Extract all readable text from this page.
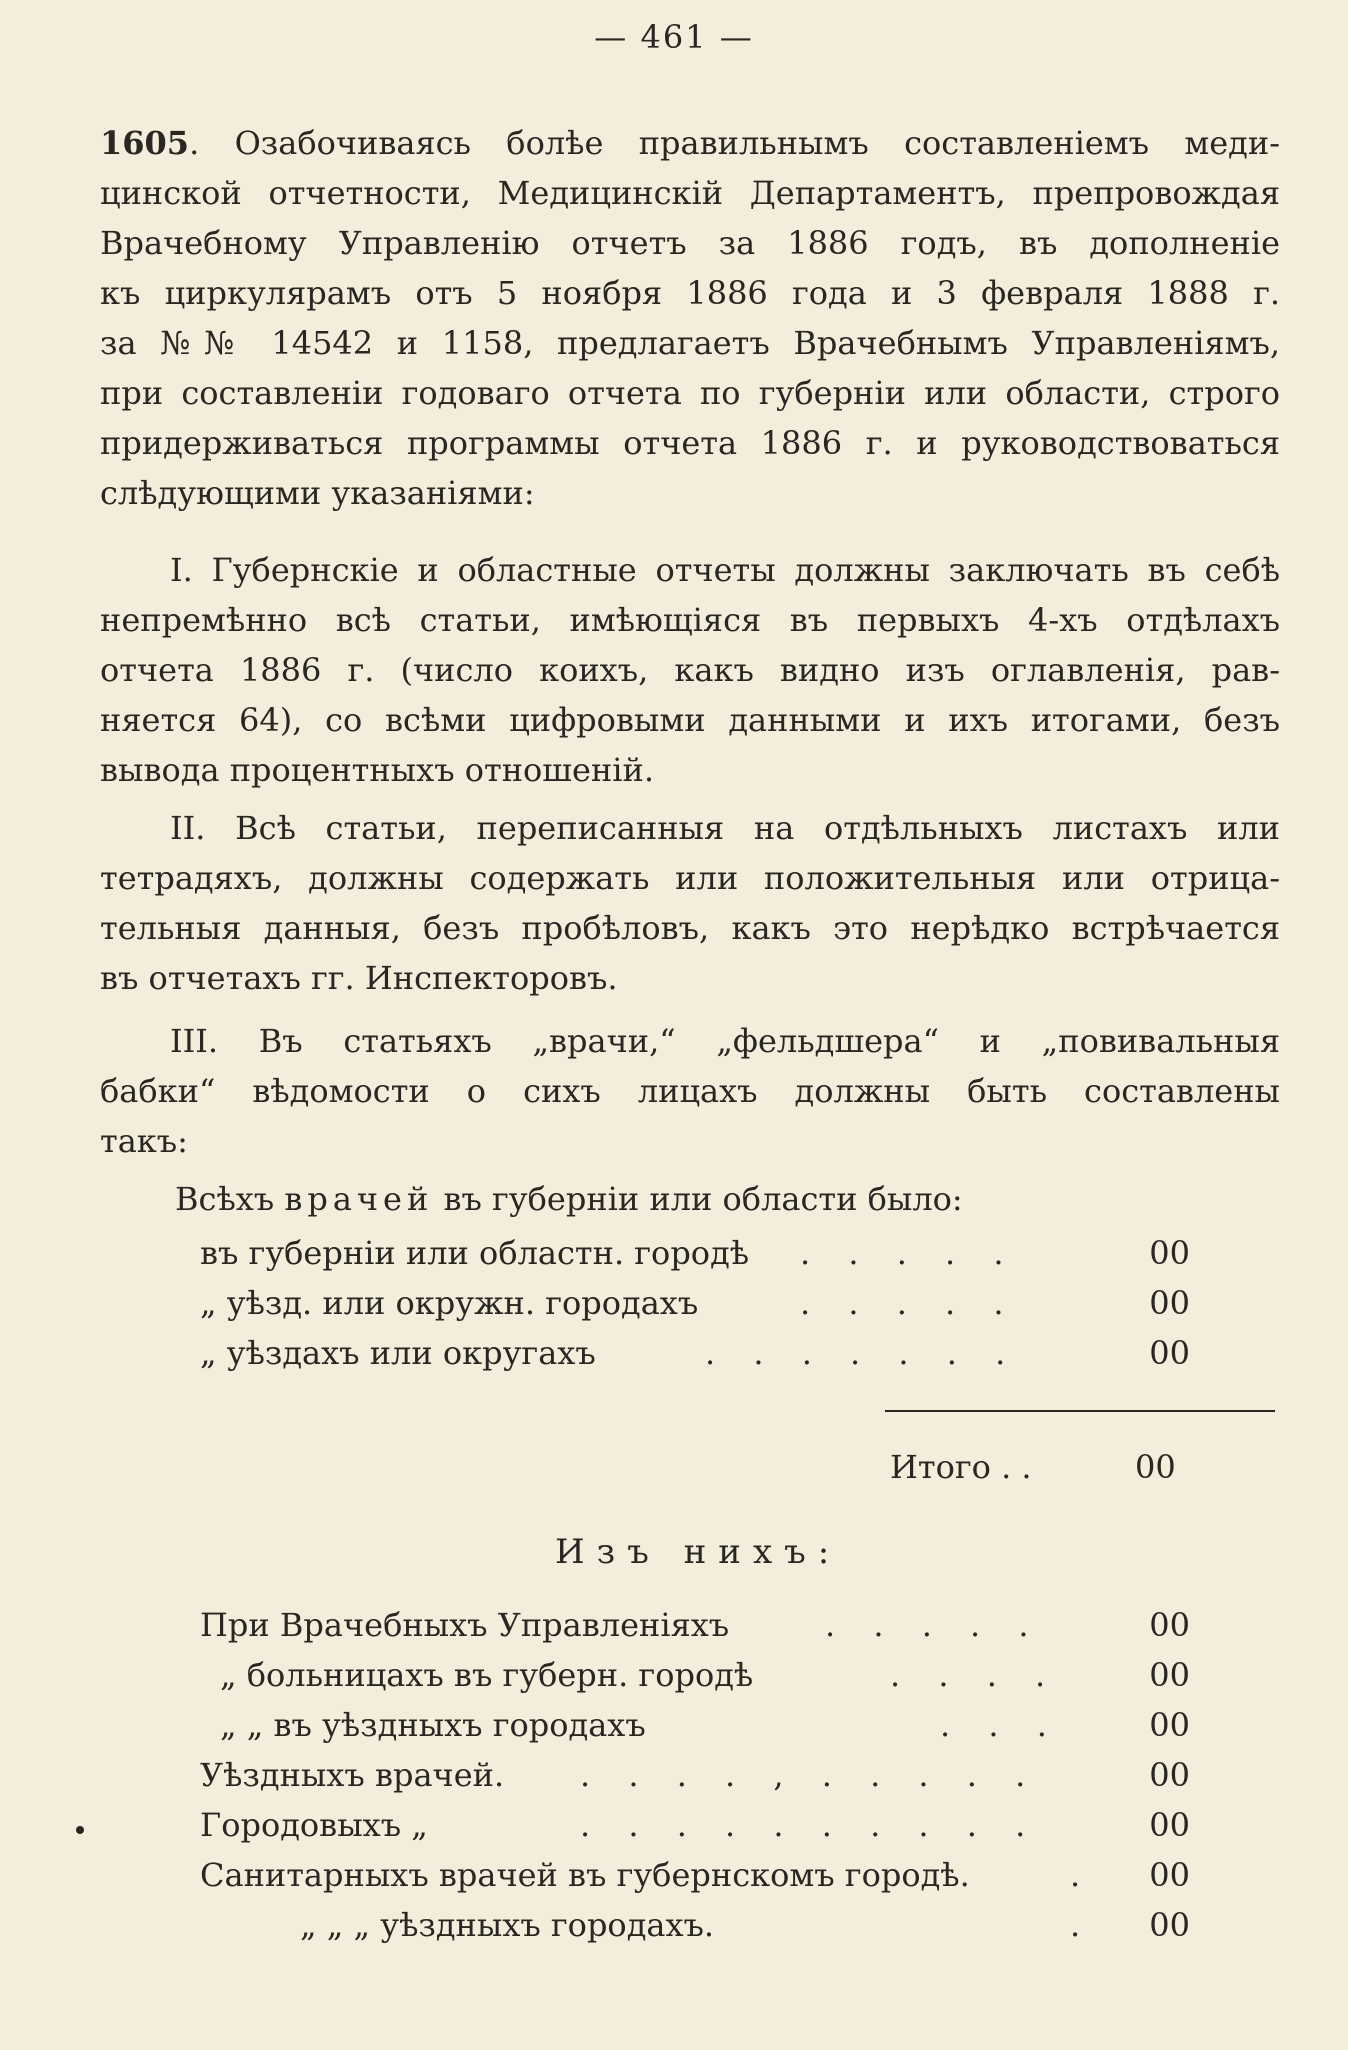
— 461 —

1605. Озабочиваясь болѣе правильнымъ составленіемъ меди-
цинской отчетности, Медицинскій Департаментъ, препровождая
Врачебному Управленію отчетъ за 1886 годъ, въ дополненіе
къ циркулярамъ отъ 5 ноября 1886 года и 3 февраля 1888 г.
за №№ 14542 и 1158, предлагаетъ Врачебнымъ Управленіямъ,
при составленіи годоваго отчета по губерніи или области, строго
придерживаться программы отчета 1886 г. и руководствоваться
слѣдующими указаніями:

I. Губернскіе и областные отчеты должны заключать въ себѣ
непремѣнно всѣ статьи, имѣющіяся въ первыхъ 4-хъ отдѣлахъ
отчета 1886 г. (число коихъ, какъ видно изъ оглавленія, рав-
няется 64), со всѣми цифровыми данными и ихъ итогами, безъ
вывода процентныхъ отношеній.

II. Всѣ статьи, переписанныя на отдѣльныхъ листахъ или
тетрадяхъ, должны содержать или положительныя или отрица-
тельныя данныя, безъ пробѣловъ, какъ это нерѣдко встрѣчается
въ отчетахъ гг. Инспекторовъ.

III. Въ статьяхъ „врачи,“ „фельдшера“ и „повивальныя
бабки“ вѣдомости о сихъ лицахъ должны быть составлены
такъ:

Всѣхъ врачей въ губерніи или области было:
въ губерніи или областн. городѣ . . . . .	00
„ уѣзд. или окружн. городахъ	. . . . .	00
„ уѣздахъ или округахъ	. . . . . . .	00
Итого . .	00
Изъ нихъ:
При Врачебныхъ Управленіяхъ	. . . . .	00
„ больницахъ въ губерн. городѣ	. . . .	00
„ „ въ уѣздныхъ городахъ	. . .	00
Уѣздныхъ врачей. . . . . , . . . . .	00
Городовыхъ „	. . . . . . . . . .	00
Санитарныхъ врачей въ губернскомъ городѣ.	. 00
„ „ „ уѣздныхъ городахъ.	. 00
